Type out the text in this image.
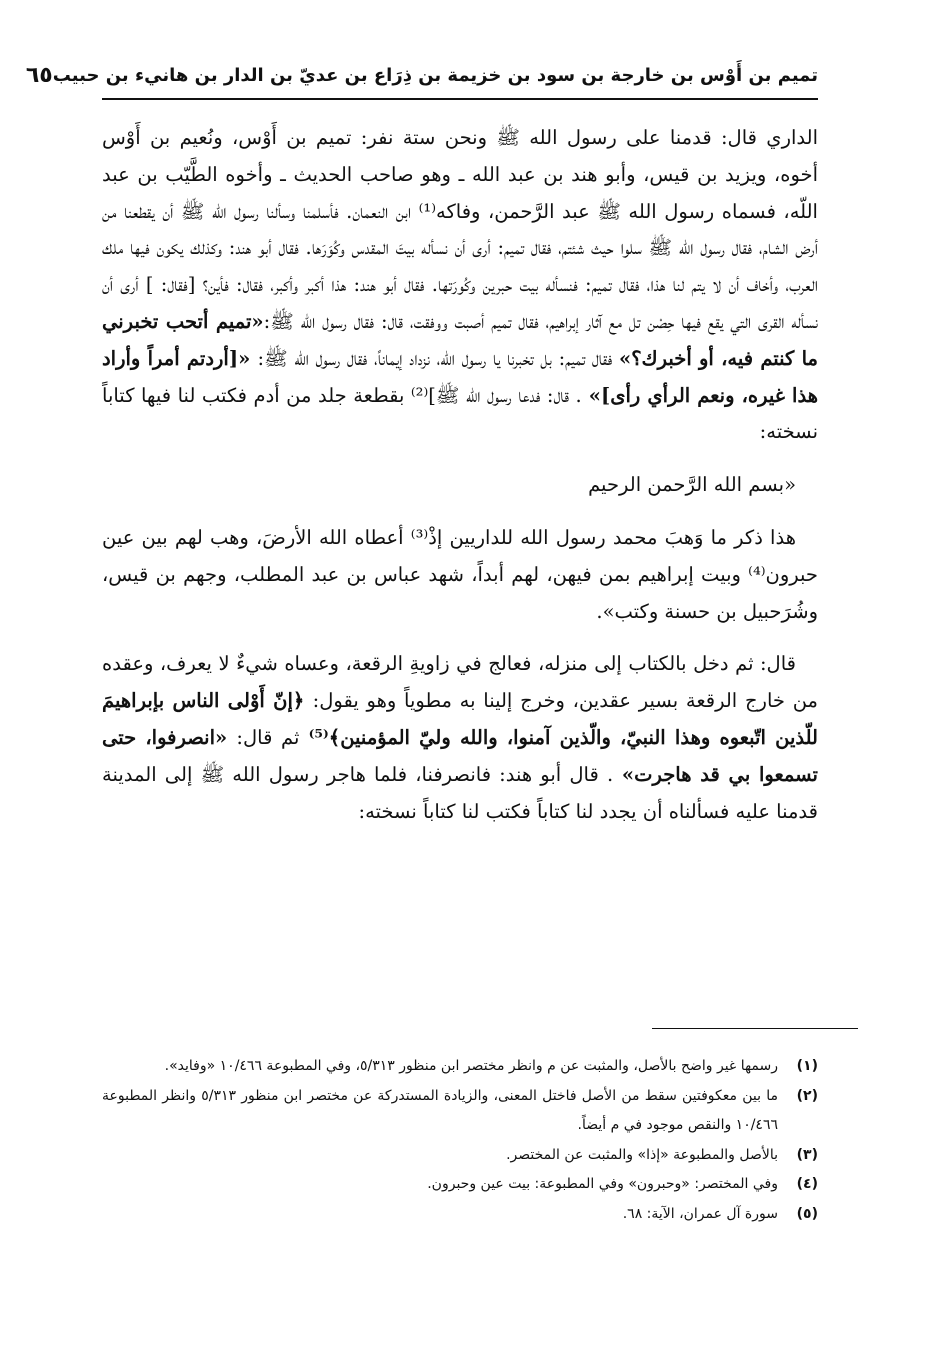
تميم بن أَوْس بن خارجة بن سود بن خزيمة بن ذِرَاع بن عديّ بن الدار بن هانيء بن حبيب
٦٥

الداري قال: قدمنا على رسول الله ﷺ ونحن ستة نفر: تميم بن أَوْس، ونُعيم بن أَوْس أخوه، ويزيد بن قيس، وأبو هند بن عبد الله ـ وهو صاحب الحديث ـ وأخوه الطَّيّب بن عبد اللّه، فسماه رسول الله ﷺ عبد الرَّحمن، وفاكه⁽¹⁾ ابن النعمان. فأسلمنا وسألنا رسول الله ﷺ أن يقطعنا من أرض الشام، فقال رسول الله ﷺ سلوا حيث شئتم، فقال تميم: أرى أن نسأله بيتَ المقدس وكُوَرَها. فقال أبو هند: وكذلك يكون فيها ملك العرب، وأخاف أن لا يتم لنا هذا، فقال تميم: فنسأله بيت حبرين وكُورَتها. فقال أبو هند: هذا أكبر وأكبر، فقال: فأين؟ [فقال: ] أرى أن نسأله القرى التي يقع فيها حِصْن تل مع آثار إبراهيم، فقال تميم أصبت ووفقت، قال: فقال رسول الله ﷺ:«تميم أتحب تخبرني ما كنتم فيه، أو أخبرك؟» فقال تميم: بل تخبرنا يا رسول الله، نزداد إيماناً، فقال رسول الله ﷺ: «[أردتم أمراً وأراد هذا غيره، ونعم الرأي رأى]» . قال: فدعا رسول الله ﷺ]⁽²⁾ بقطعة جلد من أدم فكتب لنا فيها كتاباً نسخته:

«بسم الله الرَّحمن الرحيم

هذا ذكر ما وَهبَ محمد رسول الله للداريين إذْ⁽³⁾ أعطاه الله الأرضَ، وهب لهم بين عين حبرون⁽⁴⁾ وبيت إبراهيم بمن فيهن، لهم أبداً، شهد عباس بن عبد المطلب، وجهم بن قيس، وشُرَحبيل بن حسنة وكتب».

قال: ثم دخل بالكتاب إلى منزله، فعالج في زاويةِ الرقعة، وعساه شيءٌ لا يعرف، وعقده من خارج الرقعة بسير عقدين، وخرج إلينا به مطوياً وهو يقول: ﴿إنّ أَوْلى الناس بإبراهيمَ للّذين اتّبعوه وهذا النبيّ، والّذين آمنوا، والله وليّ المؤمنين﴾⁽⁵⁾ ثم قال: «انصرفوا، حتى تسمعوا بي قد هاجرت» . قال أبو هند: فانصرفنا، فلما هاجر رسول الله ﷺ إلى المدينة قدمنا عليه فسألناه أن يجدد لنا كتاباً فكتب لنا كتاباً نسخته:

(١)
رسمها غير واضح بالأصل، والمثبت عن م وانظر مختصر ابن منظور ٥/٣١٣، وفي المطبوعة ١٠/٤٦٦ «وفايد».
(٢)
ما بين معكوفتين سقط من الأصل فاختل المعنى، والزيادة المستدركة عن مختصر ابن منظور ٥/٣١٣ وانظر المطبوعة ١٠/٤٦٦ والنقص موجود في م أيضاً.
(٣)
بالأصل والمطبوعة «إذا» والمثبت عن المختصر.
(٤)
وفي المختصر: «وحبرون» وفي المطبوعة: بيت عين وحبرون.
(٥)
سورة آل عمران، الآية: ٦٨.
